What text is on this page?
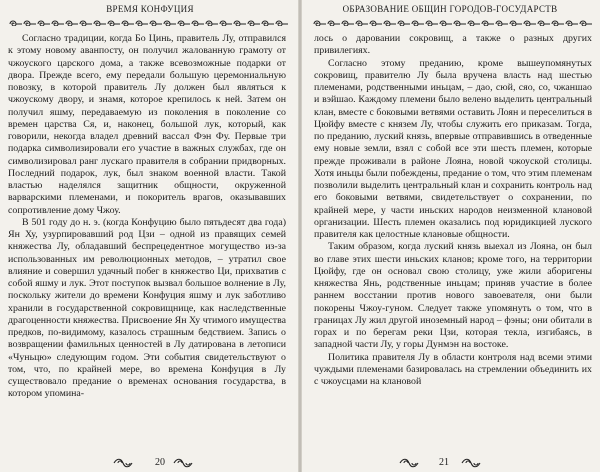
ВРЕМЯ КОНФУЦИЯ

Согласно традиции, когда Бо Цинь, правитель Лу, отправился к этому новому аванпосту, он получил жалованную грамоту от чжоуского царского дома, а также всевозможные подарки от двора. Прежде всего, ему передали большую церемониальную повозку, в которой правитель Лу должен был являться к чжоускому двору, и знамя, которое крепилось к ней. Затем он получил яшму, передаваемую из поколения в поколение со времен царства Ся, и, наконец, большой лук, который, как говорили, некогда владел древний вассал Фэн Фу. Первые три подарка символизировали его участие в важных службах, где он символизировал ранг лускаго правителя в собрании придворных. Последний подарок, лук, был знаком военной власти. Такой властью наделялся защитник общности, окруженной варварскими племенами, и покоритель врагов, оказывавших сопротивление дому Чжоу.

В 501 году до н. э. (когда Конфуцию было пятьдесят два года) Ян Ху, узурпировавший род Цзи – одной из правящих семей княжества Лу, обладавший беспрецедентное могущество из-за использованных им революционных методов, – утратил свое влияние и совершил удачный побег в княжество Ци, прихватив с собой яшму и лук. Этот поступок вызвал большое волнение в Лу, поскольку жители до времени Конфуция яшму и лук заботливо хранили в государственной сокровищнице, как наследственные драгоценности княжества. Присвоение Ян Ху чтимого имущества предков, по-видимому, казалось страшным бедствием. Запись о возвращении фамильных ценностей в Лу датирована в летописи «Чуньцю» следующим годом. Эти события свидетельствуют о том, что, по крайней мере, во времена Конфуция в Лу существовало предание о временах основания государства, в котором упомина-

20
ОБРАЗОВАНИЕ ОБЩИН ГОРОДОВ-ГОСУДАРСТВ

лось о даровании сокровищ, а также о разных других привилегиях.

Согласно этому преданию, кроме вышеупомянутых сокровищ, правителю Лу была вручена власть над шестью племенами, родственными иньцам, – дао, сюй, сяо, со, чжаншао и вэйшао. Каждому племени было велено выделить центральный клан, вместе с боковыми ветвями оставить Лоян и переселиться в Цюйфу вместе с князем Лу, чтобы служить его приказам. Тогда, по преданию, луский князь, впервые отправившись в отведенные ему новые земли, взял с собой все эти шесть племен, которые прежде проживали в районе Лояна, новой чжоуской столицы. Хотя иньцы были побеждены, предание о том, что этим племенам позволили выделить центральный клан и сохранить контроль над его боковыми ветвями, свидетельствует о сохранении, по крайней мере, у части иньских народов неизменной клановой организации. Шесть племен оказались под юридикцией луского правителя как целостные клановые общности.

Таким образом, когда луский князь выехал из Лояна, он был во главе этих шести иньских кланов; кроме того, на территории Цюйфу, где он основал свою столицу, уже жили аборигены княжества Янь, родственные иньцам; приняв участие в более раннем восстании против нового завоевателя, они были покорены Чжоу-гуном. Следует также упомянуть о том, что в границах Лу жил другой иноземный народ – фэны; они обитали в горах и по берегам реки Цзи, которая текла, изгибаясь, в западной части Лу, у горы Дунмэн на востоке.

Политика правителя Лу в области контроля над всеми этими чуждыми племенами базировалась на стремлении объединить их с чжоусцами на клановой

21
